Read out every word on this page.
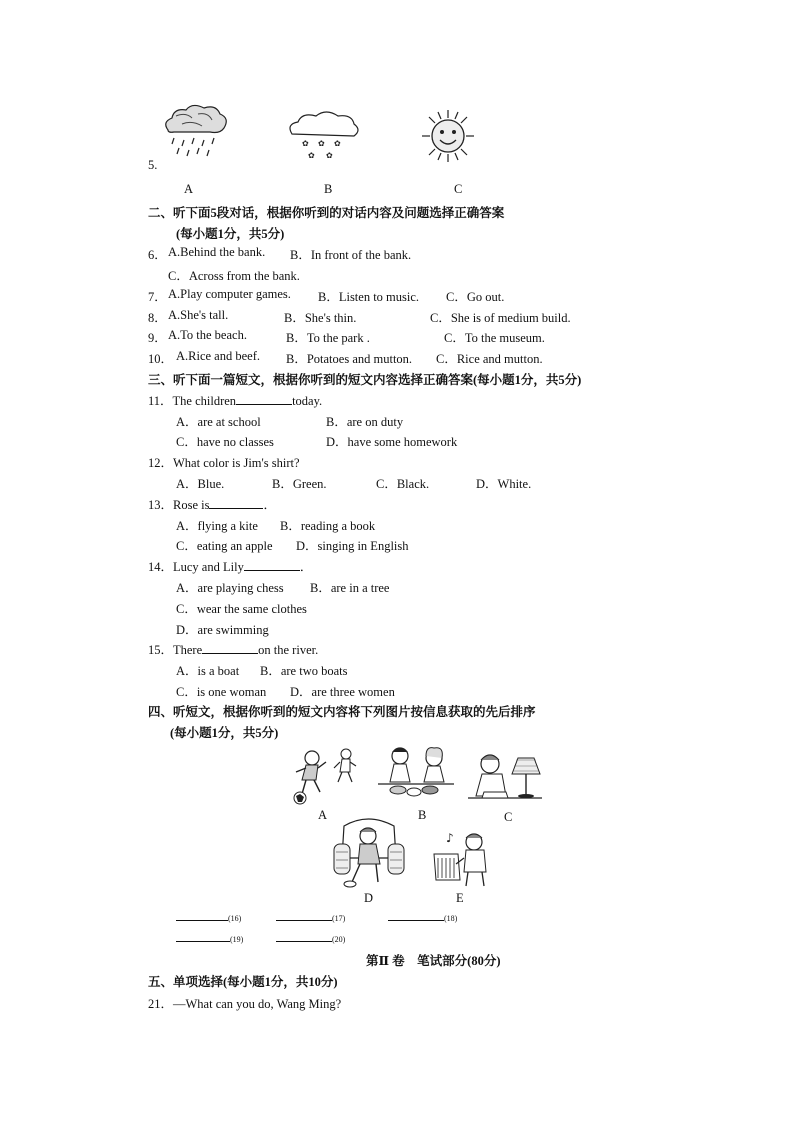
5.
✿ ✿ ✿
✿ ✿
A	B	C
二、听下面5段对话，根据你听到的对话内容及问题选择正确答案
(每小题1分，共5分)
6． A.Behind the bank. B．In front of the bank.
C．Across from the bank.
7． A.Play computer games. B．Listen to music. C．Go out.
8． A.She's tall.	B．She's thin.	C．She is of medium build.
9． A.To the beach.	B．To the park .	C．To the museum.
10． A.Rice and beef. B．Potatoes and mutton. C．Rice and mutton.
三、听下面一篇短文，根据你听到的短文内容选择正确答案(每小题1分，共5分)
11．The children	today.
A．are at school	B．are on duty
C．have no classes	D．have some homework
12．What color is Jim's shirt?
A．Blue.	B．Green.	C．Black.	D．White.
13．Rose is	．
A．flying a kite B．reading a book
C．eating an apple D．singing in English
14．Lucy and Lily	．
A．are playing chess B．are in a tree
C．wear the same clothes
D．are swimming
15．There	on the river.
A．is a boat B．are two boats
C．is one woman D．are three women
四、听短文，根据你听到的短文内容将下列图片按信息获取的先后排序
(每小题1分，共5分)
A	B	C
D
♪
E
(16)	(17)	(18)
(19)	(20)
第Ⅱ 卷　笔试部分(80分)
五、单项选择(每小题1分，共10分)
21．—What can you do, Wang Ming?
